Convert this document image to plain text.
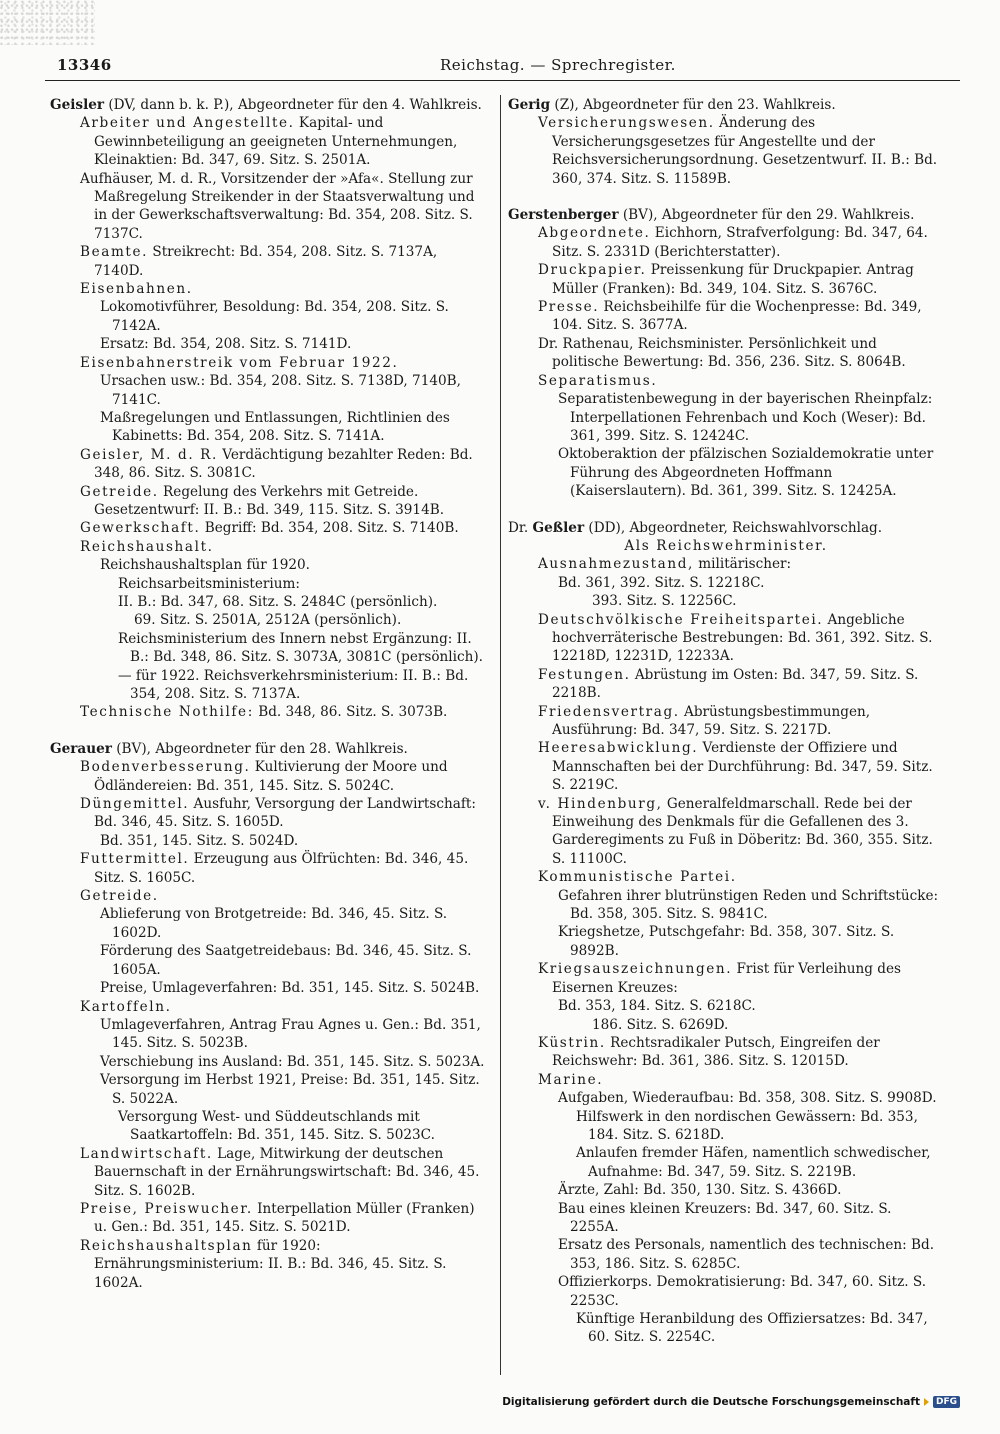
13346	Reichstag. — Sprechregister.

Geisler (DV, dann b. k. P.), Abgeordneter für den 4. Wahlkreis.

Arbeiter und Angestellte. Kapital- und Gewinnbeteiligung an geeigneten Unternehmungen, Kleinaktien: Bd. 347, 69. Sitz. S. 2501A.

Aufhäuser, M. d. R., Vorsitzender der »Afa«. Stellung zur Maßregelung Streikender in der Staatsverwaltung und in der Gewerkschaftsverwaltung: Bd. 354, 208. Sitz. S. 7137C.

Beamte. Streikrecht: Bd. 354, 208. Sitz. S. 7137A, 7140D.

Eisenbahnen.

Lokomotivführer, Besoldung: Bd. 354, 208. Sitz. S. 7142A.

Ersatz: Bd. 354, 208. Sitz. S. 7141D.

Eisenbahnerstreik vom Februar 1922.

Ursachen usw.: Bd. 354, 208. Sitz. S. 7138D, 7140B, 7141C.

Maßregelungen und Entlassungen, Richtlinien des Kabinetts: Bd. 354, 208. Sitz. S. 7141A.

Geisler, M. d. R. Verdächtigung bezahlter Reden: Bd. 348, 86. Sitz. S. 3081C.

Getreide. Regelung des Verkehrs mit Getreide. Gesetzentwurf: II. B.: Bd. 349, 115. Sitz. S. 3914B.

Gewerkschaft. Begriff: Bd. 354, 208. Sitz. S. 7140B.

Reichshaushalt.

Reichshaushaltsplan für 1920.

Reichsarbeitsministerium:

II. B.: Bd. 347, 68. Sitz. S. 2484C (persönlich).

69. Sitz. S. 2501A, 2512A (persönlich).

Reichsministerium des Innern nebst Ergänzung: II. B.: Bd. 348, 86. Sitz. S. 3073A, 3081C (persönlich).

— für 1922. Reichsverkehrsministerium: II. B.: Bd. 354, 208. Sitz. S. 7137A.

Technische Nothilfe: Bd. 348, 86. Sitz. S. 3073B.

Gerauer (BV), Abgeordneter für den 28. Wahlkreis.

Bodenverbesserung. Kultivierung der Moore und Ödländereien: Bd. 351, 145. Sitz. S. 5024C.

Düngemittel. Ausfuhr, Versorgung der Landwirtschaft: Bd. 346, 45. Sitz. S. 1605D.

Bd. 351, 145. Sitz. S. 5024D.

Futtermittel. Erzeugung aus Ölfrüchten: Bd. 346, 45. Sitz. S. 1605C.

Getreide.

Ablieferung von Brotgetreide: Bd. 346, 45. Sitz. S. 1602D.

Förderung des Saatgetreidebaus: Bd. 346, 45. Sitz. S. 1605A.

Preise, Umlageverfahren: Bd. 351, 145. Sitz. S. 5024B.

Kartoffeln.

Umlageverfahren, Antrag Frau Agnes u. Gen.: Bd. 351, 145. Sitz. S. 5023B.

Verschiebung ins Ausland: Bd. 351, 145. Sitz. S. 5023A.

Versorgung im Herbst 1921, Preise: Bd. 351, 145. Sitz. S. 5022A.

Versorgung West- und Süddeutschlands mit Saatkartoffeln: Bd. 351, 145. Sitz. S. 5023C.

Landwirtschaft. Lage, Mitwirkung der deutschen Bauernschaft in der Ernährungswirtschaft: Bd. 346, 45. Sitz. S. 1602B.

Preise, Preiswucher. Interpellation Müller (Franken) u. Gen.: Bd. 351, 145. Sitz. S. 5021D.

Reichshaushaltsplan für 1920: Ernährungsministerium: II. B.: Bd. 346, 45. Sitz. S. 1602A.

Gerig (Z), Abgeordneter für den 23. Wahlkreis.

Versicherungswesen. Änderung des Versicherungsgesetzes für Angestellte und der Reichsversicherungsordnung. Gesetzentwurf. II. B.: Bd. 360, 374. Sitz. S. 11589B.

Gerstenberger (BV), Abgeordneter für den 29. Wahlkreis.

Abgeordnete. Eichhorn, Strafverfolgung: Bd. 347, 64. Sitz. S. 2331D (Berichterstatter).

Druckpapier. Preissenkung für Druckpapier. Antrag Müller (Franken): Bd. 349, 104. Sitz. S. 3676C.

Presse. Reichsbeihilfe für die Wochenpresse: Bd. 349, 104. Sitz. S. 3677A.

Dr. Rathenau, Reichsminister. Persönlichkeit und politische Bewertung: Bd. 356, 236. Sitz. S. 8064B.

Separatismus.

Separatistenbewegung in der bayerischen Rheinpfalz: Interpellationen Fehrenbach und Koch (Weser): Bd. 361, 399. Sitz. S. 12424C.

Oktoberaktion der pfälzischen Sozialdemokratie unter Führung des Abgeordneten Hoffmann (Kaiserslautern). Bd. 361, 399. Sitz. S. 12425A.

Dr. Geßler (DD), Abgeordneter, Reichswahlvorschlag.

Als Reichswehrminister.

Ausnahmezustand, militärischer:

Bd. 361, 392. Sitz. S. 12218C.

393. Sitz. S. 12256C.

Deutschvölkische Freiheitspartei. Angebliche hochverräterische Bestrebungen: Bd. 361, 392. Sitz. S. 12218D, 12231D, 12233A.

Festungen. Abrüstung im Osten: Bd. 347, 59. Sitz. S. 2218B.

Friedensvertrag. Abrüstungsbestimmungen, Ausführung: Bd. 347, 59. Sitz. S. 2217D.

Heeresabwicklung. Verdienste der Offiziere und Mannschaften bei der Durchführung: Bd. 347, 59. Sitz. S. 2219C.

v. Hindenburg, Generalfeldmarschall. Rede bei der Einweihung des Denkmals für die Gefallenen des 3. Garderegiments zu Fuß in Döberitz: Bd. 360, 355. Sitz. S. 11100C.

Kommunistische Partei.

Gefahren ihrer blutrünstigen Reden und Schriftstücke: Bd. 358, 305. Sitz. S. 9841C.

Kriegshetze, Putschgefahr: Bd. 358, 307. Sitz. S. 9892B.

Kriegsauszeichnungen. Frist für Verleihung des Eisernen Kreuzes:

Bd. 353, 184. Sitz. S. 6218C.

186. Sitz. S. 6269D.

Küstrin. Rechtsradikaler Putsch, Eingreifen der Reichswehr: Bd. 361, 386. Sitz. S. 12015D.

Marine.

Aufgaben, Wiederaufbau: Bd. 358, 308. Sitz. S. 9908D.

Hilfswerk in den nordischen Gewässern: Bd. 353, 184. Sitz. S. 6218D.

Anlaufen fremder Häfen, namentlich schwedischer, Aufnahme: Bd. 347, 59. Sitz. S. 2219B.

Ärzte, Zahl: Bd. 350, 130. Sitz. S. 4366D.

Bau eines kleinen Kreuzers: Bd. 347, 60. Sitz. S. 2255A.

Ersatz des Personals, namentlich des technischen: Bd. 353, 186. Sitz. S. 6285C.

Offizierkorps. Demokratisierung: Bd. 347, 60. Sitz. S. 2253C.

Künftige Heranbildung des Offiziersatzes: Bd. 347, 60. Sitz. S. 2254C.

Digitalisierung gefördert durch die Deutsche Forschungsgemeinschaft	DFG
